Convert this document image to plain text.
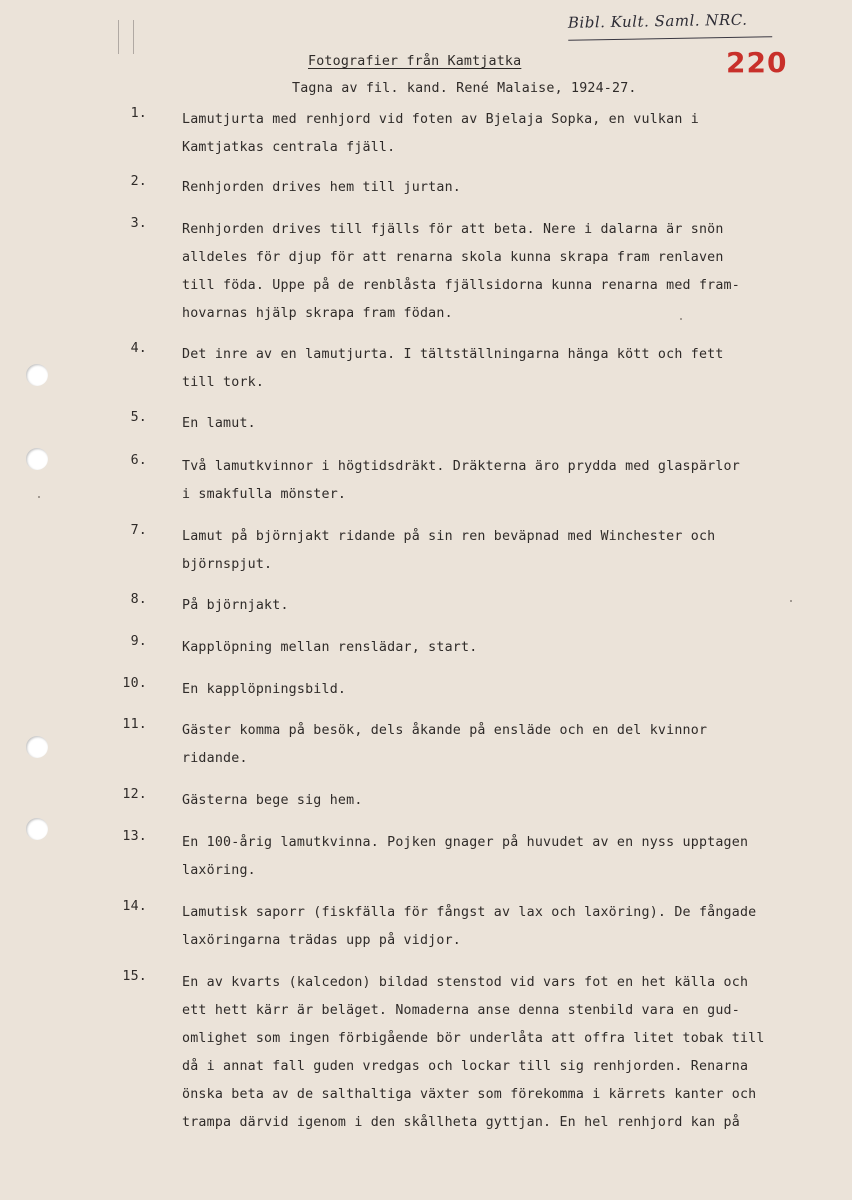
Bibl. Kult. Saml. NRC.
220
Fotografier från Kamtjatka
Tagna av fil. kand. René Malaise, 1924-27.
1.	Lamutjurta med renhjord vid foten av Bjelaja Sopka, en vulkan i
Kamtjatkas centrala fjäll.
2.	Renhjorden drives hem till jurtan.
3.	Renhjorden drives till fjälls för att beta. Nere i dalarna är snön
alldeles för djup för att renarna skola kunna skrapa fram renlaven
till föda. Uppe på de renblåsta fjällsidorna kunna renarna med fram-
hovarnas hjälp skrapa fram födan.
4.	Det inre av en lamutjurta. I tältställningarna hänga kött och fett
till tork.
5.	En lamut.
6.	Två lamutkvinnor i högtidsdräkt. Dräkterna äro prydda med glaspärlor
i smakfulla mönster.
7.	Lamut på björnjakt ridande på sin ren beväpnad med Winchester och
björnspjut.
8.	På björnjakt.
9.	Kapplöpning mellan renslädar, start.
10.	En kapplöpningsbild.
11.	Gäster komma på besök, dels åkande på ensläde och en del kvinnor
ridande.
12.	Gästerna bege sig hem.
13.	En 100-årig lamutkvinna. Pojken gnager på huvudet av en nyss upptagen
laxöring.
14.	Lamutisk saporr (fiskfälla för fångst av lax och laxöring). De fångade
laxöringarna trädas upp på vidjor.
15.	En av kvarts (kalcedon) bildad stenstod vid vars fot en het källa och
ett hett kärr är beläget. Nomaderna anse denna stenbild vara en gud-
omlighet som ingen förbigående bör underlåta att offra litet tobak till
då i annat fall guden vredgas och lockar till sig renhjorden. Renarna
önska beta av de salthaltiga växter som förekomma i kärrets kanter och
trampa därvid igenom i den skållheta gyttjan. En hel renhjord kan på
